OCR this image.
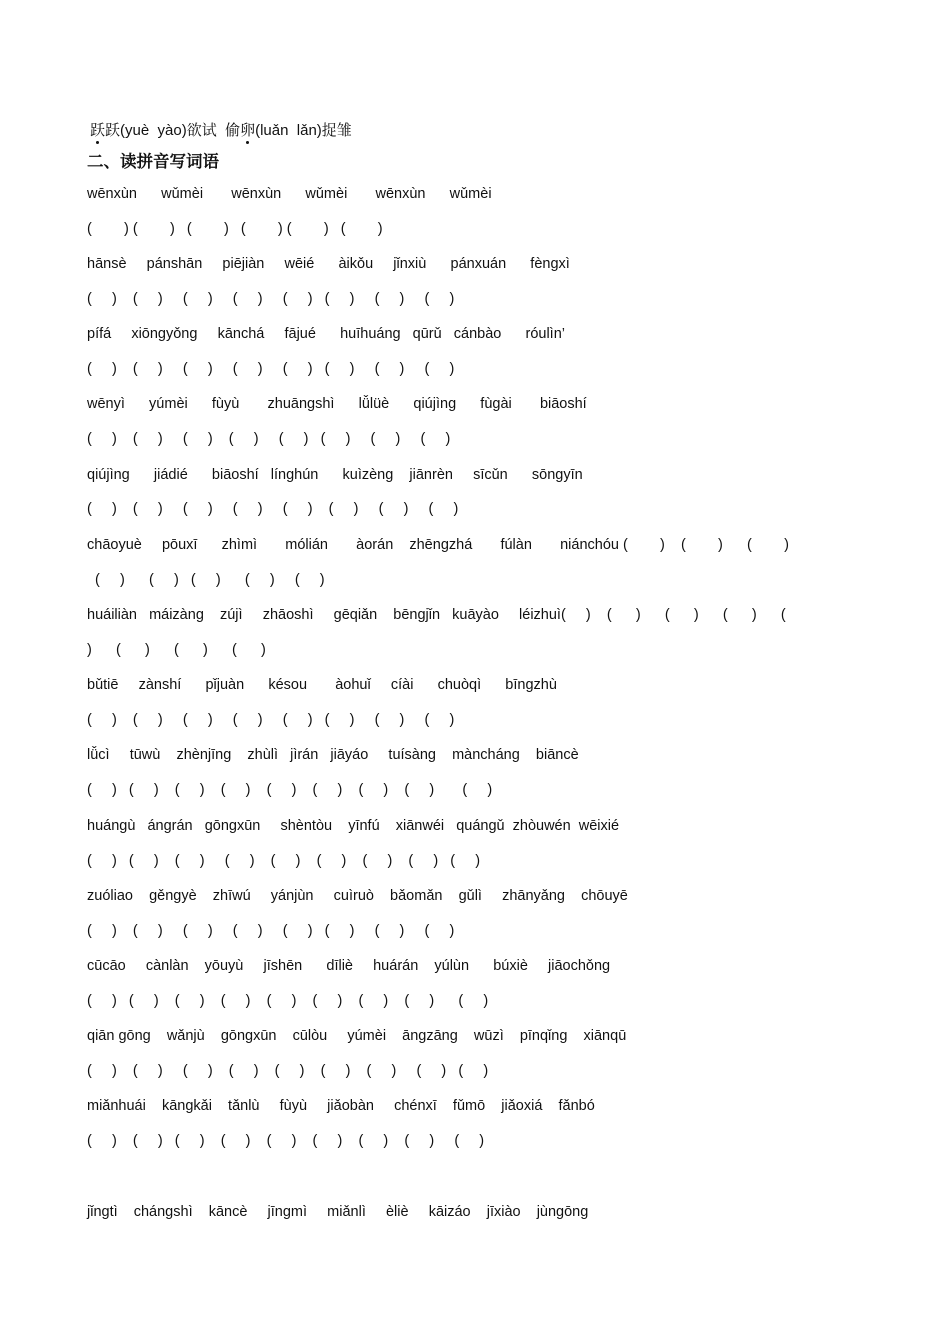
跃跃(yuè  yào)欲试  偷卵(luǎn  lǎn)捉雏
二、读拼音写词语
wēnxùn      wǔmèi       wēnxùn      wǔmèi       wēnxùn      wǔmèi
(        ) (        )   (        )   (        ) (        )   (        )
hānsè     pánshān     piējiàn     wēié      àikǒu     jǐnxiù      pánxuán      fèngxì
(     )    (     )     (     )     (     )     (     )   (     )     (     )     (     )
pífá     xiōngyǒng     kānchá     fājué      huīhuáng   qūrǔ   cánbào      róulìn’
(     )    (     )     (     )     (     )     (     )   (     )     (     )     (     )
wēnyì      yúmèi      fùyù       zhuāngshì      lǚlüè      qiújìng      fùgài       biāoshí
(     )    (     )     (     )    (     )     (     )   (     )     (     )     (     )
qiújìng      jiádié      biāoshí   línghún      kuìzèng    jiānrèn     sīcǔn      sōngyīn
(     )    (     )     (     )     (     )     (     )    (     )     (     )     (     )
chāoyuè     pōuxī      zhìmì       mólián       àorán    zhēngzhá       fúlàn       niánchóu (        )    (        )      (        )
(     )      (     )   (     )      (     )     (     )
huáiliàn   máizàng    zújì     zhāoshì     gēqiǎn    bēngjǐn   kuāyào     léizhuì(     )    (      )      (      )      (      )      (
)      (      )      (      )      (      )
bǔtiē     zànshí      pǐjuàn      késou       àohuǐ     cíài      chuòqì      bīngzhù
(     )    (     )     (     )     (     )     (     )   (     )     (     )     (     )
lǚcì     tūwù    zhènjīng    zhùlì   jìrán   jiāyáo     tuísàng    mànchánɡ    biāncè
(     )   (     )    (     )    (     )    (     )    (     )    (     )    (     )       (     )
huángù   ángrán   gōngxūn     shèntòu    yīnfú    xiānwéi   quángǔ  zhòuwén  wēixié
(     )   (     )    (     )     (     )    (     )    (     )    (     )    (     )   (     )
zuóliao    gěngyè    zhīwú     yánjùn     cuìruò    bǎomǎn    gǔlì     zhānyǎng    chōuyē
(     )    (     )     (     )     (     )     (     )   (     )     (     )     (     )
cūcāo     cànlàn    yōuyù     jīshēn      dīliè     huárán    yúlùn      búxiè     jiāochǒng
(     )   (     )    (     )    (     )    (     )    (     )    (     )    (     )      (     )
qiān gōng    wǎnjù    gōngxūn    cūlòu     yúmèi    āngzāng    wūzì    pīnqǐng    xiānqū
(     )    (     )     (     )    (     )    (     )    (     )    (     )     (     )   (     )
miǎnhuái    kāngkǎi    tǎnlù     fùyù     jiǎobàn     chénxī    fǔmō    jiǎoxiá    fǎnbó
(     )    (     )   (     )    (     )    (     )    (     )    (     )    (     )     (     )
jǐngtì    chángshì    kāncè     jīngmì     miǎnlì     èliè     kāizáo    jīxiào    jùngōng
